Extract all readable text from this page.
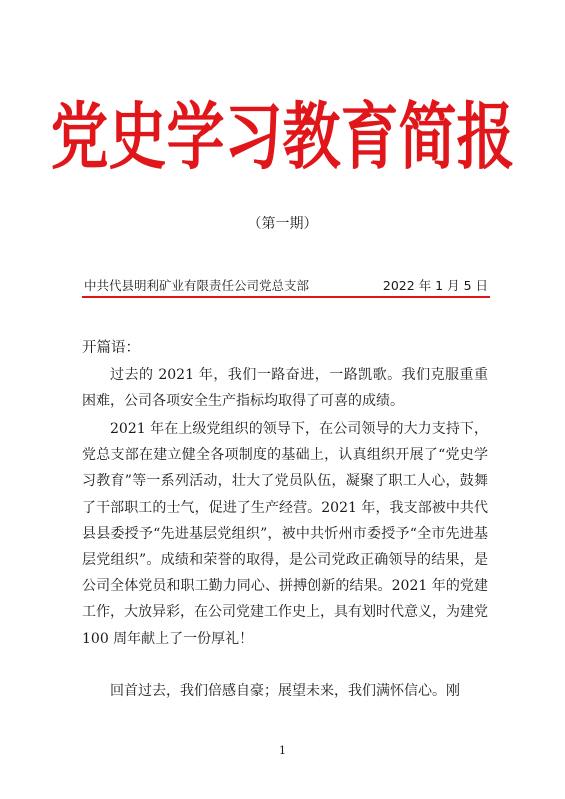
党史学习教育简报
（第一期）
中共代县明利矿业有限责任公司党总支部	2022 年 1 月 5 日
开篇语：
过去的 2021 年，我们一路奋进，一路凯歌。我们克服重重困难，公司各项安全生产指标均取得了可喜的成绩。
2021 年在上级党组织的领导下，在公司领导的大力支持下，党总支部在建立健全各项制度的基础上，认真组织开展了“党史学习教育”等一系列活动，壮大了党员队伍，凝聚了职工人心，鼓舞了干部职工的士气，促进了生产经营。2021 年，我支部被中共代县县委授予“先进基层党组织”，被中共忻州市委授予“全市先进基层党组织”。成绩和荣誉的取得，是公司党政正确领导的结果，是公司全体党员和职工勤力同心、拼搏创新的结果。2021 年的党建工作，大放异彩，在公司党建工作史上，具有划时代意义，为建党 100 周年献上了一份厚礼！
回首过去，我们倍感自豪；展望未来，我们满怀信心。刚
1
